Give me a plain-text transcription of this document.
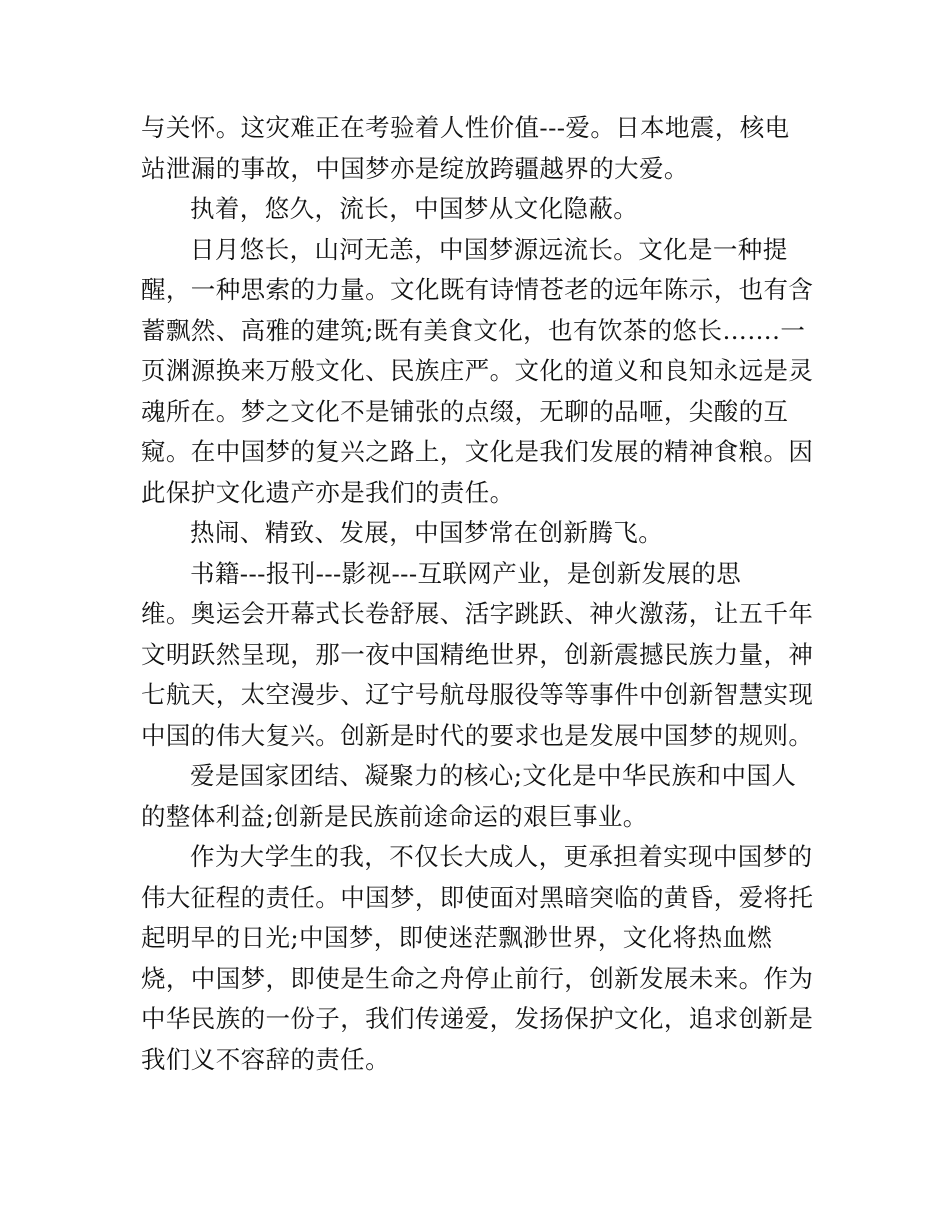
与关怀。这灾难正在考验着人性价值---爱。日本地震，核电
站泄漏的事故，中国梦亦是绽放跨疆越界的大爱。
执着，悠久，流长，中国梦从文化隐蔽。
日月悠长，山河无恙，中国梦源远流长。文化是一种提
醒，一种思索的力量。文化既有诗情苍老的远年陈示，也有含
蓄飘然、高雅的建筑;既有美食文化，也有饮茶的悠长…….一
页渊源换来万般文化、民族庄严。文化的道义和良知永远是灵
魂所在。梦之文化不是铺张的点缀，无聊的品咂，尖酸的互
窥。在中国梦的复兴之路上，文化是我们发展的精神食粮。因
此保护文化遗产亦是我们的责任。
热闹、精致、发展，中国梦常在创新腾飞。
书籍---报刊---影视---互联网产业，是创新发展的思
维。奥运会开幕式长卷舒展、活字跳跃、神火激荡，让五千年
文明跃然呈现，那一夜中国精绝世界，创新震撼民族力量，神
七航天，太空漫步、辽宁号航母服役等等事件中创新智慧实现
中国的伟大复兴。创新是时代的要求也是发展中国梦的规则。
爱是国家团结、凝聚力的核心;文化是中华民族和中国人
的整体利益;创新是民族前途命运的艰巨事业。
作为大学生的我，不仅长大成人，更承担着实现中国梦的
伟大征程的责任。中国梦，即使面对黑暗突临的黄昏，爱将托
起明早的日光;中国梦，即使迷茫飘渺世界，文化将热血燃
烧，中国梦，即使是生命之舟停止前行，创新发展未来。作为
中华民族的一份子，我们传递爱，发扬保护文化，追求创新是
我们义不容辞的责任。
